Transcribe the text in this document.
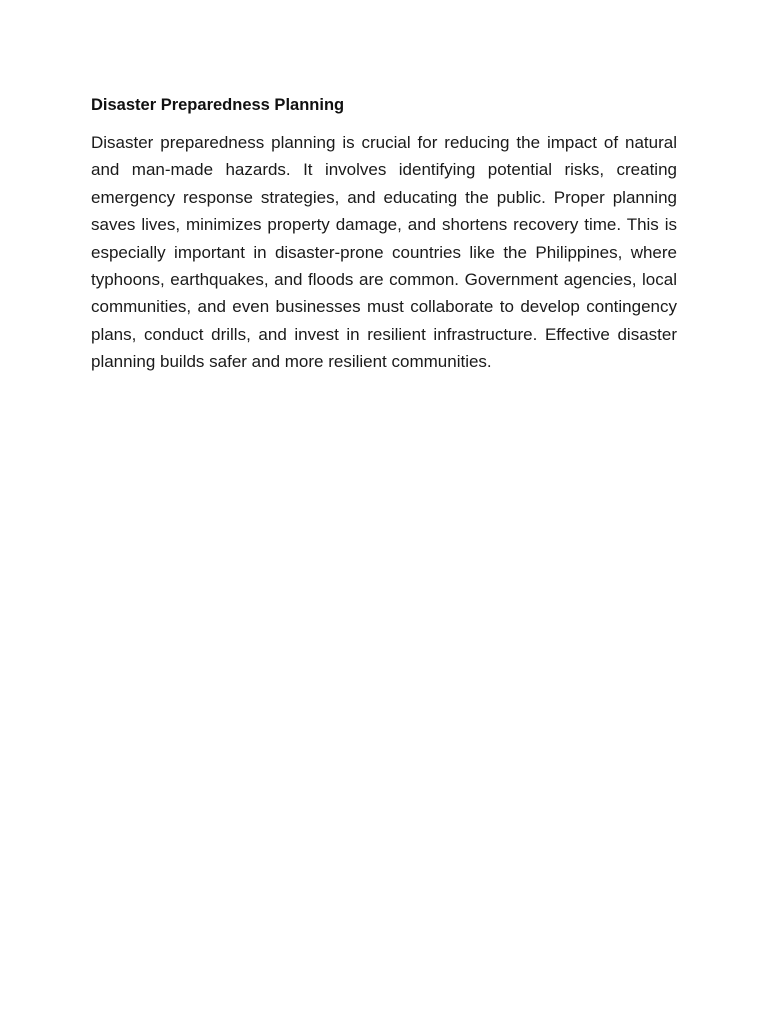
Disaster Preparedness Planning

Disaster preparedness planning is crucial for reducing the impact of natural and man-made hazards. It involves identifying potential risks, creating emergency response strategies, and educating the public. Proper planning saves lives, minimizes property damage, and shortens recovery time. This is especially important in disaster-prone countries like the Philippines, where typhoons, earthquakes, and floods are common. Government agencies, local communities, and even businesses must collaborate to develop contingency plans, conduct drills, and invest in resilient infrastructure. Effective disaster planning builds safer and more resilient communities.
